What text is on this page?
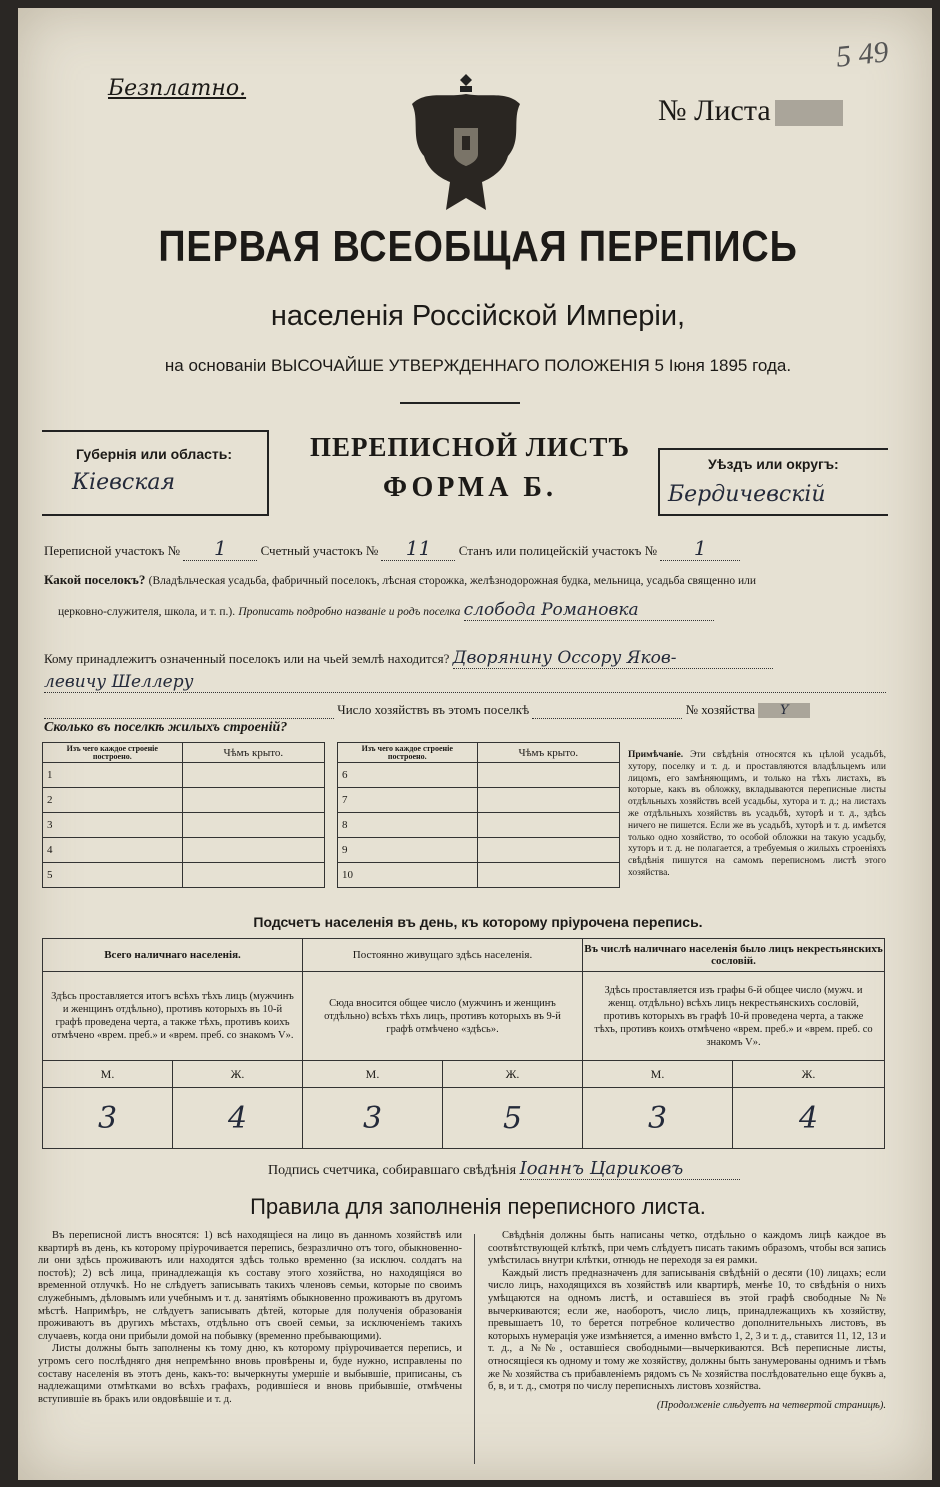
Безплатно.
5 49
№ Листа
ПЕРВАЯ ВСЕОБЩАЯ ПЕРЕПИСЬ
населенія Россійской Имперіи,
на основаніи ВЫСОЧАЙШЕ УТВЕРЖДЕННАГО ПОЛОЖЕНІЯ 5 Іюня 1895 года.
Губернія или область:
Кіевская
ПЕРЕПИСНОЙ ЛИСТЪ
ФОРМА Б.
Уѣздъ или округъ:
Бердичевскій
Переписной участокъ № 1	Счетный участокъ № 11 Станъ или полицейскій участокъ № 1
Какой поселокъ? (Владѣльческая усадьба, фабричный поселокъ, лѣсная сторожка, желѣзнодорожная будка, мельница, усадьба священно или
церковно-служителя, школа, и т. п.). Прописать подробно названіе и родъ поселка слобода Романовка
Кому принадлежитъ означенный поселокъ или на чьей землѣ находится? Дворянину Оссору Яков-
левичу Шеллеру
Число хозяйствъ въ этомъ поселкѣ	№ хозяйства Y
Сколько въ поселкѣ жилыхъ строеній?
Изъ чего каждое строеніе построено.	Чѣмъ крыто.		Изъ чего каждое строеніе построено.	Чѣмъ крыто.
1			6	
2			7	
3			8	
4			9	
5			10	
Примѣчаніе. Эти свѣдѣнія относятся къ цѣлой усадьбѣ, хутору, поселку и т. д. и проставляются владѣльцемъ или лицомъ, его замѣняющимъ, и только на тѣхъ листахъ, въ которые, какъ въ обложку, вкладываются переписные листы отдѣльныхъ хозяйствъ всей усадьбы, хутора и т. д.; на листахъ же отдѣльныхъ хозяйствъ въ усадьбѣ, хуторѣ и т. д., здѣсь ничего не пишется. Если же въ усадьбѣ, хуторѣ и т. д. имѣется только одно хозяйство, то особой обложки на такую усадьбу, хуторъ и т. д. не полагается, а требуемыя о жилыхъ строеніяхъ свѣдѣнія пишутся на самомъ переписномъ листѣ этого хозяйства.
Подсчетъ населенія въ день, къ которому пріурочена перепись.
Всего наличнаго населенія.		Постоянно живущаго здѣсь населенія.		Въ числѣ наличнаго населенія было лицъ некрестьянскихъ сословій.	
Здѣсь проставляется итогъ всѣхъ тѣхъ лицъ (мужчинъ и женщинъ отдѣльно), противъ которыхъ въ 10-й графѣ проведена черта, а также тѣхъ, противъ коихъ отмѣчено «врем. преб.» и «врем. преб. со знакомъ V».		Сюда вносится общее число (мужчинъ и женщинъ отдѣльно) всѣхъ тѣхъ лицъ, противъ которыхъ въ 9-й графѣ отмѣчено «здѣсь».		Здѣсь проставляется изъ графы 6-й общее число (мужч. и женщ. отдѣльно) всѣхъ лицъ некрестьянскихъ сословій, противъ которыхъ въ графѣ 10-й проведена черта, а также тѣхъ, противъ коихъ отмѣчено «врем. преб.» и «врем. преб. со знакомъ V».	
М.	Ж.	М.	Ж.	М.	Ж.
3	4	3	5	3	4
Подпись счетчика, собиравшаго свѣдѣнія Іоаннъ Цариковъ
Правила для заполненія переписного листа.
Въ переписной листъ вносятся: 1) всѣ находящіеся на лицо въ данномъ хозяйствѣ или квартирѣ въ день, къ которому пріурочивается перепись, безразлично отъ того, обыкновенно-ли они здѣсь проживаютъ или находятся здѣсь только временно (за исключ. солдатъ на постоѣ); 2) всѣ лица, принадлежащія къ составу этого хозяйства, но находящіяся во временной отлучкѣ. Но не слѣдуетъ записывать такихъ членовъ семьи, которые по своимъ служебнымъ, дѣловымъ или учебнымъ и т. д. занятіямъ обыкновенно проживаютъ въ другомъ мѣстѣ. Напримѣръ, не слѣдуетъ записывать дѣтей, которые для полученія образованія проживаютъ въ другихъ мѣстахъ, отдѣльно отъ своей семьи, за исключеніемъ такихъ случаевъ, когда они прибыли домой на побывку (временно пребывающими).
Листы должны быть заполнены къ тому дню, къ которому пріурочивается перепись, и утромъ сего послѣдняго дня непремѣнно вновь провѣрены и, буде нужно, исправлены по составу населенія въ этотъ день, какъ-то: вычеркнуты умершіе и выбывшіе, приписаны, съ надлежащими отмѣтками во всѣхъ графахъ, родившіеся и вновь прибывшіе, отмѣчены вступившіе въ бракъ или овдовѣвшіе и т. д.
Свѣдѣнія должны быть написаны четко, отдѣльно о каждомъ лицѣ каждое въ соотвѣтствующей клѣткѣ, при чемъ слѣдуетъ писать такимъ образомъ, чтобы вся запись умѣстилась внутри клѣтки, отнюдь не переходя за ея рамки.
Каждый листъ предназначенъ для записыванія свѣдѣній о десяти (10) лицахъ; если число лицъ, находящихся въ хозяйствѣ или квартирѣ, менѣе 10, то свѣдѣнія о нихъ умѣщаются на одномъ листѣ, и оставшіеся въ этой графѣ свободные №№ вычеркиваются; если же, наоборотъ, число лицъ, принадлежащихъ къ хозяйству, превышаетъ 10, то берется потребное количество дополнительныхъ листовъ, въ которыхъ нумерація уже измѣняется, а именно вмѣсто 1, 2, 3 и т. д., ставится 11, 12, 13 и т. д., а №№, оставшіеся свободными—вычеркиваются. Всѣ переписные листы, относящіеся къ одному и тому же хозяйству, должны быть занумерованы однимъ и тѣмъ же № хозяйства съ прибавленіемъ рядомъ съ № хозяйства послѣдовательно еще буквъ а, б, в, и т. д., смотря по числу переписныхъ листовъ хозяйства.
(Продолженіе слѣдуетъ на четвертой страницѣ).
